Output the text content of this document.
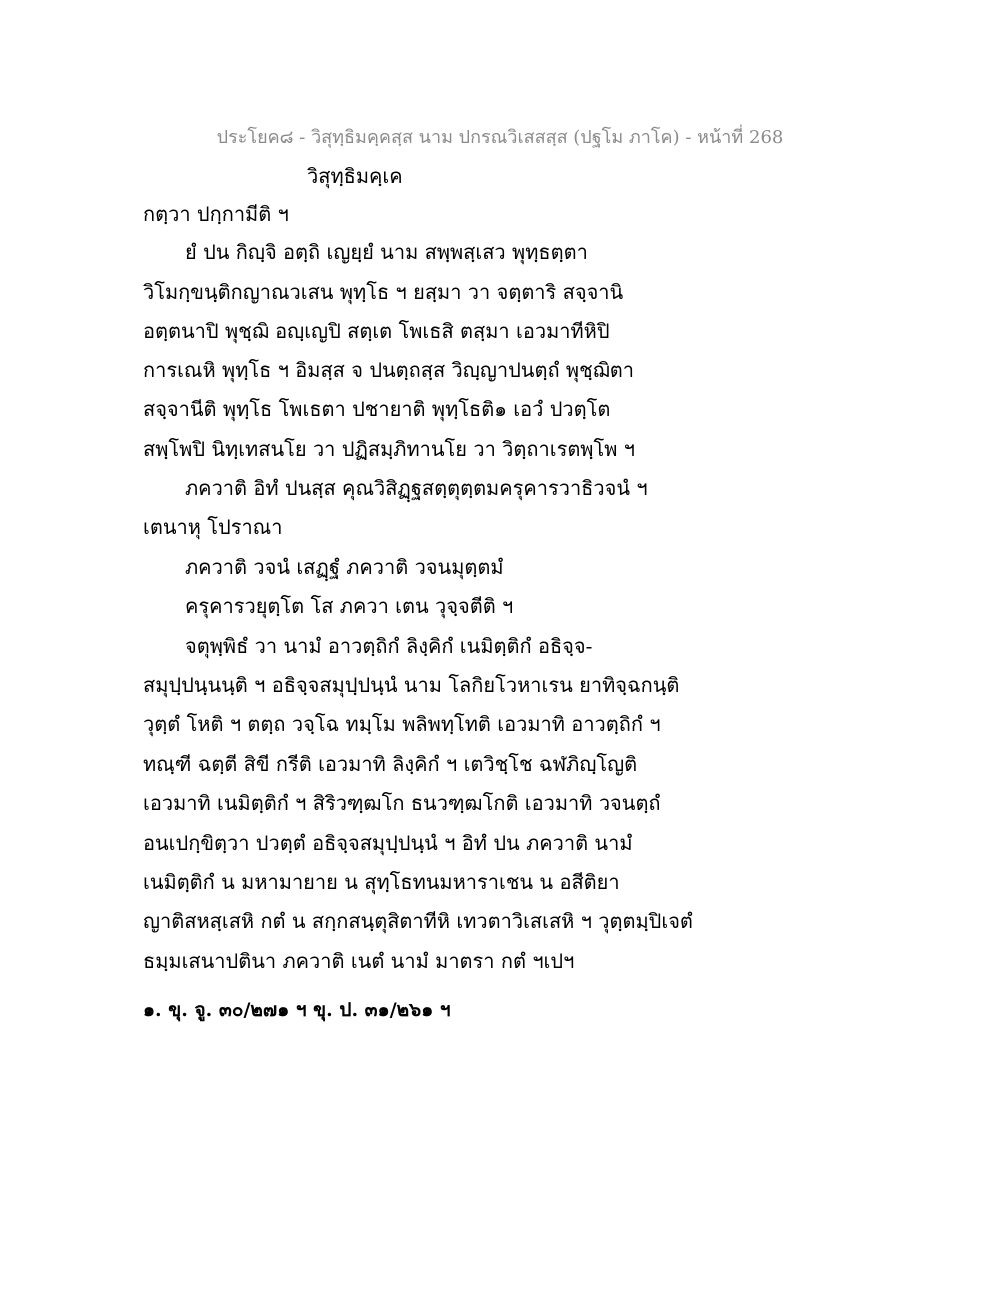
ประโยค๘ - วิสุทฺธิมคฺคสฺส นาม ปกรณวิเสสสฺส (ปฐโม ภาโค) - หน้าที่ 268
วิสุทฺธิมคฺเค
กตฺวา ปกฺกามีติ ฯ
ยํ ปน กิญฺจิ อตฺถิ เญยฺยํ นาม สพฺพสฺเสว พุทฺธตฺตา
วิโมกฺขนฺติกญาณวเสน พุทฺโธ ฯ ยสฺมา วา จตฺตาริ สจฺจานิ
อตฺตนาปิ พุชฺฌิ อญฺเญปิ สตฺเต โพเธสิ ตสฺมา เอวมาทีหิปิ
การเณหิ พุทฺโธ ฯ อิมสฺส จ ปนตฺถสฺส วิญฺญาปนตฺถํ พุชฺฌิตา
สจฺจานีติ พุทฺโธ โพเธตา ปชายาติ พุทฺโธติ๑ เอวํ ปวตฺโต
สพฺโพปิ นิทฺเทสนโย วา ปฏิสมฺภิทานโย วา วิตฺถาเรตพฺโพ ฯ
ภควาติ อิทํ ปนสฺส คุณวิสิฏฺฐสตฺตุตฺตมครุคารวาธิวจนํ ฯ
เตนาหุ โปราณา
ภควาติ วจนํ เสฏฺฐํ ภควาติ วจนมุตฺตมํ
ครุคารวยุตฺโต โส ภควา เตน วุจฺจตีติ ฯ
จตุพฺพิธํ วา นามํ อาวตฺถิกํ ลิงฺคิกํ เนมิตฺติกํ อธิจฺจ-
สมุปฺปนฺนนฺติ ฯ อธิจฺจสมุปฺปนฺนํ นาม โลกิยโวหาเรน ยาทิจฺฉกนฺติ
วุตฺตํ โหติ ฯ ตตฺถ วจฺโฉ ทมฺโม พลิพทฺโทติ เอวมาทิ อาวตฺถิกํ ฯ
ทณฺฑี ฉตฺตี สิขี กรีติ เอวมาทิ ลิงฺคิกํ ฯ เตวิชฺโช ฉฬภิญฺโญติ
เอวมาทิ เนมิตฺติกํ ฯ สิริวฑฺฒโก ธนวฑฺฒโกติ เอวมาทิ วจนตฺถํ
อนเปกฺขิตฺวา ปวตฺตํ อธิจฺจสมุปฺปนฺนํ ฯ อิทํ ปน ภควาติ นามํ
เนมิตฺติกํ น มหามายาย น สุทฺโธทนมหาราเชน น อสีติยา
ญาติสหสฺเสหิ กตํ น สกฺกสนฺตุสิตาทีหิ เทวตาวิเสเสหิ ฯ วุตฺตมฺปิเจตํ
ธมฺมเสนาปตินา ภควาติ เนตํ นามํ มาตรา กตํ ฯเปฯ
๑. ขุ. จู. ๓๐/๒๗๑ ฯ ขุ. ป. ๓๑/๒๖๑ ฯ
